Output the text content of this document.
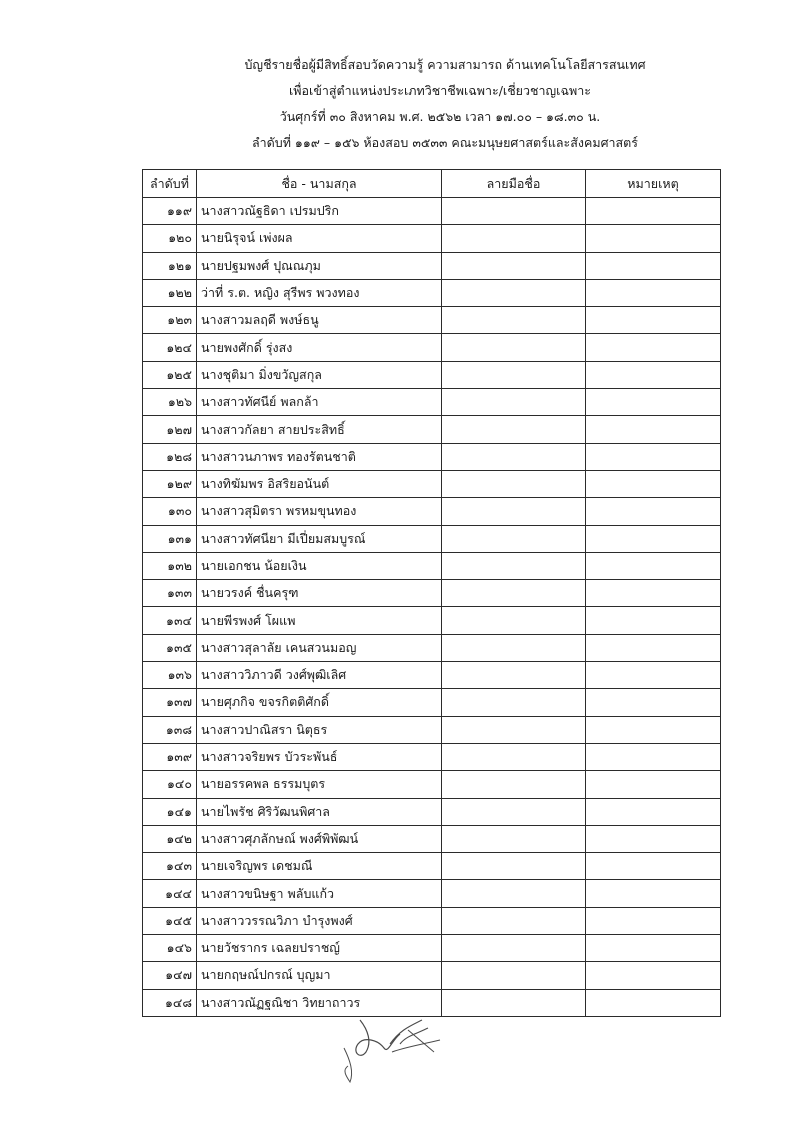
บัญชีรายชื่อผู้มีสิทธิ์สอบวัดความรู้ ความสามารถ ด้านเทคโนโลยีสารสนเทศ
เพื่อเข้าสู่ตำแหน่งประเภทวิชาชีพเฉพาะ/เชี่ยวชาญเฉพาะ
วันศุกร์ที่ ๓๐ สิงหาคม พ.ศ. ๒๕๖๒ เวลา ๑๗.๐๐ – ๑๘.๓๐ น.
ลำดับที่ ๑๑๙ – ๑๕๖ ห้องสอบ ๓๕๓๓ คณะมนุษยศาสตร์และสังคมศาสตร์
ลำดับที่	ชื่อ - นามสกุล	ลายมือชื่อ	หมายเหตุ
๑๑๙	นางสาวณัฐธิดา เปรมปริก		
๑๒๐	นายนิรุจน์ เพ่งผล		
๑๒๑	นายปฐมพงศ์ ปุณณภุม		
๑๒๒	ว่าที่ ร.ต. หญิง สุรีพร พวงทอง		
๑๒๓	นางสาวมลฤดี พงษ์ธนู		
๑๒๔	นายพงศักดิ์ รุ่งสง		
๑๒๕	นางชุติมา มิ่งขวัญสกุล		
๑๒๖	นางสาวทัศนีย์ พลกล้า		
๑๒๗	นางสาวกัลยา สายประสิทธิ์		
๑๒๘	นางสาวนภาพร ทองรัตนชาติ		
๑๒๙	นางทิฆัมพร อิสริยอนันต์		
๑๓๐	นางสาวสุมิตรา พรหมขุนทอง		
๑๓๑	นางสาวทัศนียา มีเปี่ยมสมบูรณ์		
๑๓๒	นายเอกชน น้อยเงิน		
๑๓๓	นายวรงค์ ชื่นครุฑ		
๑๓๔	นายพีรพงศ์ โผแพ		
๑๓๕	นางสาวสุลาลัย เคนสวนมอญ		
๑๓๖	นางสาววิภาวดี วงศ์พุฒิเลิศ		
๑๓๗	นายศุภกิจ ขจรกิตติศักดิ์		
๑๓๘	นางสาวปาณิสรา นิตุธร		
๑๓๙	นางสาวจริยพร บัวระพันธ์		
๑๔๐	นายอรรคพล ธรรมบุตร		
๑๔๑	นายไพรัช ศิริวัฒนพิศาล		
๑๔๒	นางสาวศุภลักษณ์ พงศ์พิพัฒน์		
๑๔๓	นายเจริญพร เดชมณี		
๑๔๔	นางสาวขนิษฐา พลับแก้ว		
๑๔๕	นางสาววรรณวิภา บำรุงพงศ์		
๑๔๖	นายวัชรากร เฉลยปราชญ์		
๑๔๗	นายกฤษณ์ปกรณ์ บุญมา		
๑๔๘	นางสาวณัฏฐณิชา วิทยาถาวร		
